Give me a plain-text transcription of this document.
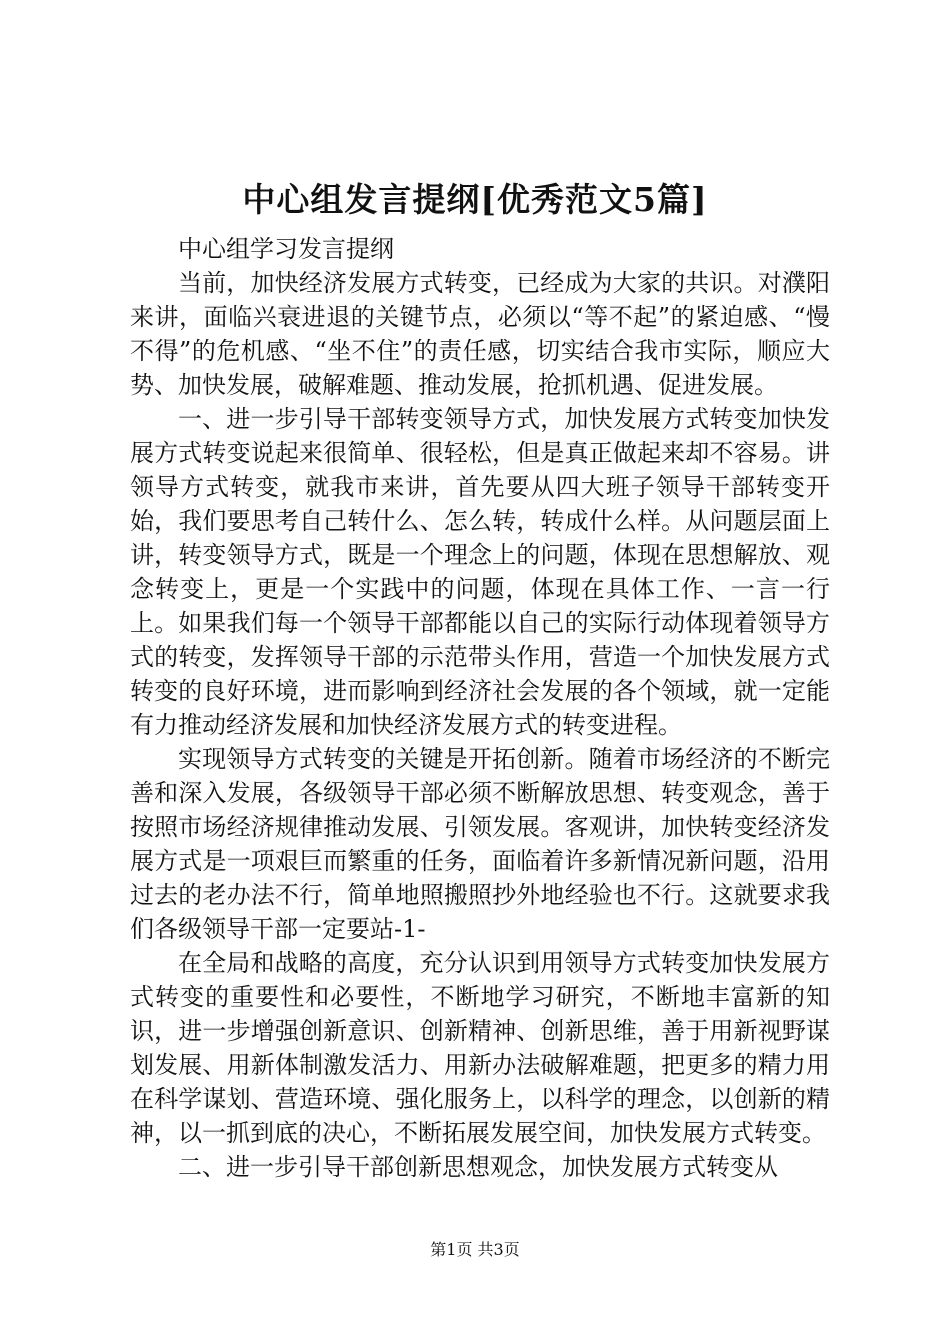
中心组发言提纲[优秀范文5篇]

中心组学习发言提纲

当前，加快经济发展方式转变，已经成为大家的共识。对濮阳来讲，面临兴衰进退的关键节点，必须以“等不起”的紧迫感、“慢不得”的危机感、“坐不住”的责任感，切实结合我市实际，顺应大势、加快发展，破解难题、推动发展，抢抓机遇、促进发展。

一、进一步引导干部转变领导方式，加快发展方式转变加快发展方式转变说起来很简单、很轻松，但是真正做起来却不容易。讲领导方式转变，就我市来讲，首先要从四大班子领导干部转变开始，我们要思考自己转什么、怎么转，转成什么样。从问题层面上讲，转变领导方式，既是一个理念上的问题，体现在思想解放、观念转变上，更是一个实践中的问题，体现在具体工作、一言一行上。如果我们每一个领导干部都能以自己的实际行动体现着领导方式的转变，发挥领导干部的示范带头作用，营造一个加快发展方式转变的良好环境，进而影响到经济社会发展的各个领域，就一定能有力推动经济发展和加快经济发展方式的转变进程。

实现领导方式转变的关键是开拓创新。随着市场经济的不断完善和深入发展，各级领导干部必须不断解放思想、转变观念，善于按照市场经济规律推动发展、引领发展。客观讲，加快转变经济发展方式是一项艰巨而繁重的任务，面临着许多新情况新问题，沿用过去的老办法不行，简单地照搬照抄外地经验也不行。这就要求我们各级领导干部一定要站-1-

在全局和战略的高度，充分认识到用领导方式转变加快发展方式转变的重要性和必要性，不断地学习研究，不断地丰富新的知识，进一步增强创新意识、创新精神、创新思维，善于用新视野谋划发展、用新体制激发活力、用新办法破解难题，把更多的精力用在科学谋划、营造环境、强化服务上，以科学的理念，以创新的精神，以一抓到底的决心，不断拓展发展空间，加快发展方式转变。

二、进一步引导干部创新思想观念，加快发展方式转变从

第1页 共3页
